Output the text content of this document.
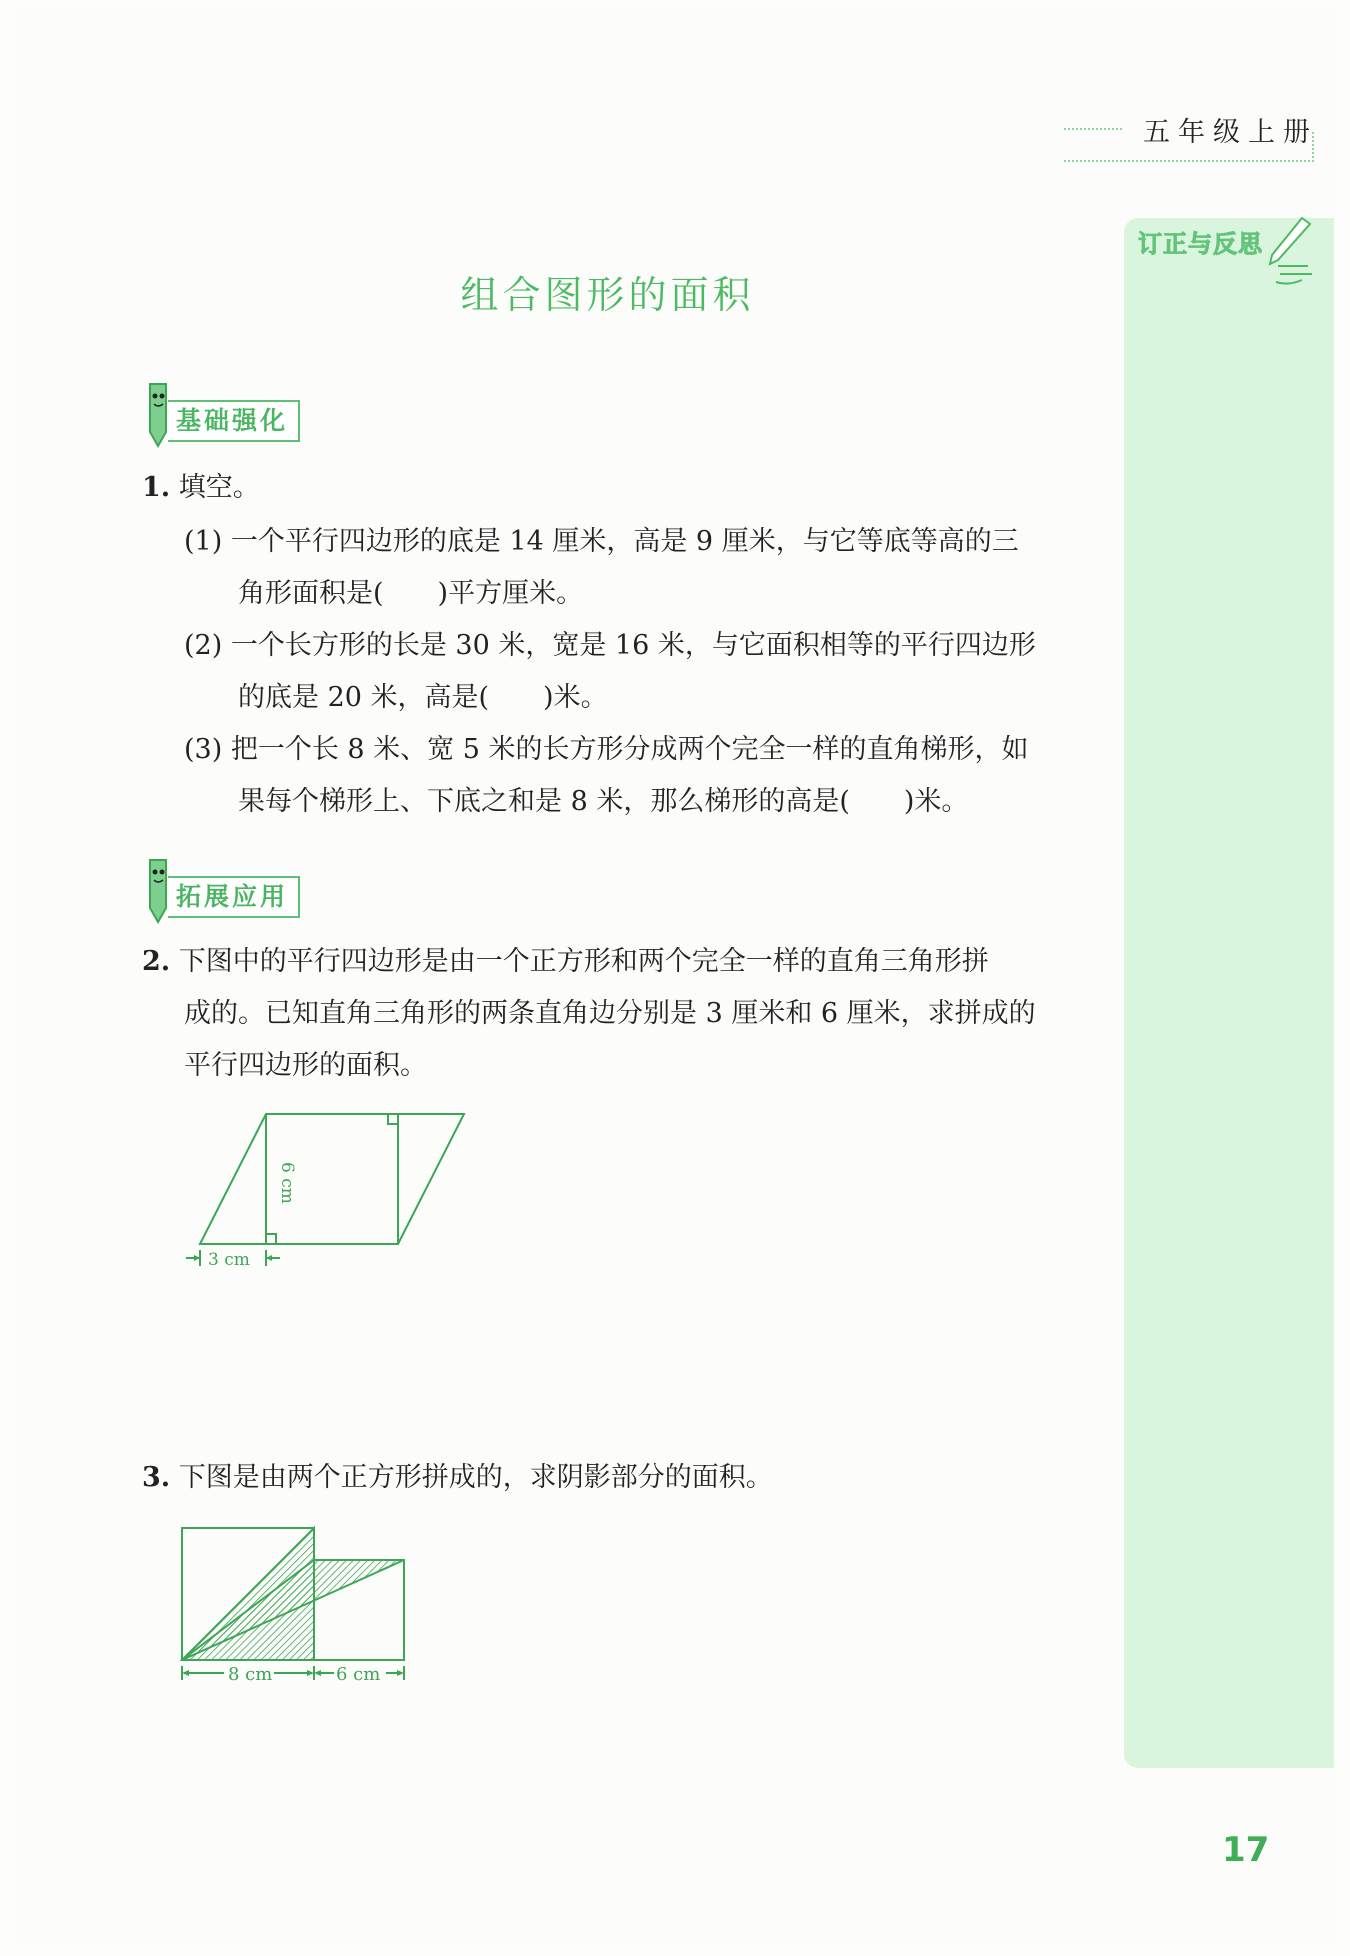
五年级上册
订正与反思
组合图形的面积
基础强化
1. 填空。
(1) 一个平行四边形的底是 14 厘米，高是 9 厘米，与它等底等高的三
角形面积是(　　)平方厘米。
(2) 一个长方形的长是 30 米，宽是 16 米，与它面积相等的平行四边形
的底是 20 米，高是(　　)米。
(3) 把一个长 8 米、宽 5 米的长方形分成两个完全一样的直角梯形，如
果每个梯形上、下底之和是 8 米，那么梯形的高是(　　)米。
拓展应用
2. 下图中的平行四边形是由一个正方形和两个完全一样的直角三角形拼
成的。已知直角三角形的两条直角边分别是 3 厘米和 6 厘米，求拼成的
平行四边形的面积。
6 cm
3 cm
3. 下图是由两个正方形拼成的，求阴影部分的面积。
8 cm	6 cm
17
